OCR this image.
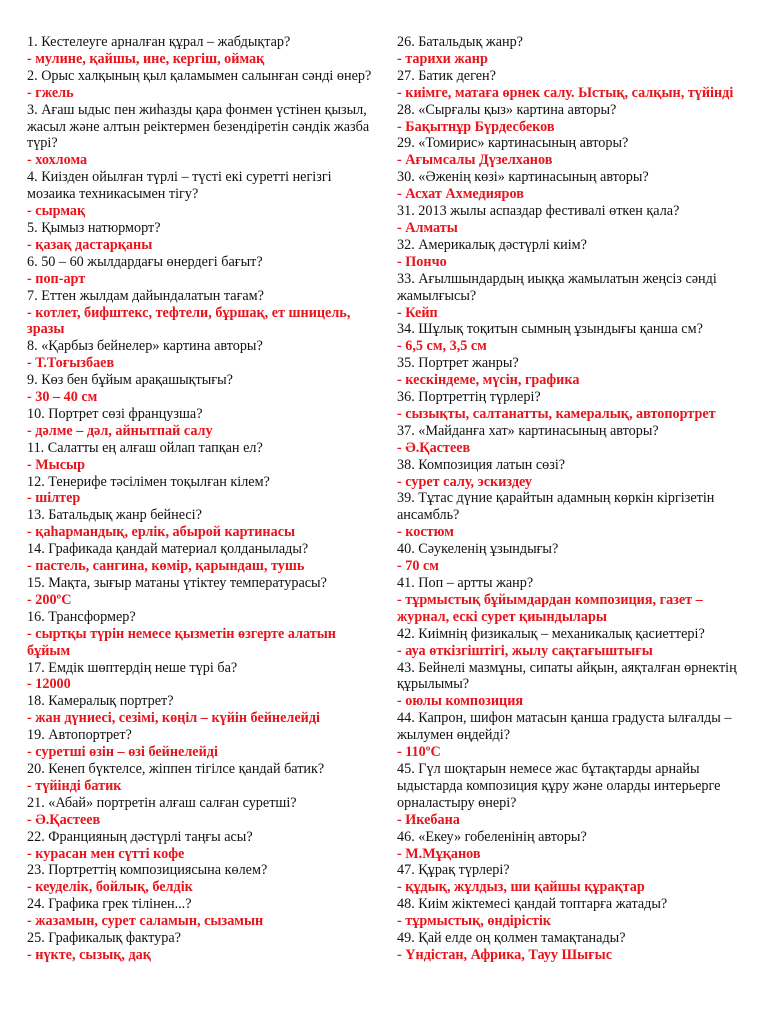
1. Кестелеуге арналған құрал – жабдықтар?
- мулине, қайшы, ине, кергіш, оймақ
2. Орыс халқының қыл қаламымен салынған сәнді өнер?
- гжель
3. Ағаш ыдыс пен жиһазды қара фонмен үстінен қызыл, жасыл және алтын реіктермен безендіретін сәндік жазба түрі?
- хохлома
4. Киізден ойылған түрлі – түсті екі суретті негізгі мозаика техникасымен тігу?
- сырмақ
5. Қымыз натюрморт?
- қазақ дастарқаны
6. 50 – 60 жылдардағы өнердегі бағыт?
- поп-арт
7. Еттен жылдам дайындалатын тағам?
- котлет, бифштекс, тефтели, бұршақ, ет шницель, зразы
8. «Қарбыз бейнелер» картина авторы?
- Т.Тоғызбаев
9. Көз бен бұйым арақашықтығы?
- 30 – 40 см
10. Портрет сөзі французша?
- дәлме – дәл, айнытпай салу
11. Салатты ең алғаш ойлап тапқан ел?
- Мысыр
12. Тенерифе тәсілімен тоқылған кілем?
- шілтер
13. Батальдық жанр бейнесі?
- қаһармандық, ерлік, абырой картинасы
14. Графикада қандай материал қолданылады?
- пастель, сангина, көмір, қарындаш, тушь
15. Мақта, зығыр матаны үтіктеу температурасы?
- 200ºС
16. Трансформер?
- сыртқы түрін немесе қызметін өзгерте алатын бұйым
17. Емдік шөптердің неше түрі ба?
- 12000
18. Камералық портрет?
- жан дүниесі, сезімі, көңіл – күйін бейнелейді
19. Автопортрет?
- суретші өзін – өзі бейнелейді
20. Кенеп бүктелсе, жіппен тігілсе қандай батик?
- түйінді батик
21. «Абай» портретін алғаш салған суретші?
- Ә.Қастеев
22. Францияның дәстүрлі таңғы асы?
- курасан мен сүтті кофе
23. Портреттің композициясына көлем?
- кеуделік, бойлық, белдік
24. Графика грек тілінен...?
- жазамын, сурет саламын, сызамын
25. Графикалық фактура?
- нүкте, сызық, дақ
26. Батальдық жанр?
- тарихи жанр
27. Батик деген?
- киімге, матаға өрнек салу. Ыстық, салқын, түйінді
28. «Сырғалы қыз» картина авторы?
- Бақытнұр Бүрдесбеков
29. «Томирис» картинасының авторы?
- Ағымсалы Дүзелханов
30. «Әженің көзі» картинасының авторы?
- Асхат Ахмедияров
31. 2013 жылы аспаздар фестивалі өткен қала?
- Алматы
32. Америкалық дәстүрлі киім?
- Пончо
33. Ағылшындардың иыққа жамылатын жеңсіз сәнді жамылғысы?
- Кейп
34. Шұлық тоқитын сымның ұзындығы қанша см?
- 6,5 см, 3,5 см
35. Портрет жанры?
- кескіндеме, мүсін, графика
36. Портреттің түрлері?
- сызықты, салтанатты, камералық, автопортрет
37. «Майданға хат» картинасының авторы?
- Ә.Қастеев
38. Композиция латын сөзі?
- сурет салу, эскиздеу
39. Тұтас дүние қарайтын адамның көркін кіргізетін ансамбль?
- костюм
40. Сәукеленің ұзындығы?
- 70 см
41. Поп – артты жанр?
- тұрмыстық бұйымдардан композиция, газет – журнал, ескі сурет қиындылары
42. Киімнің физикалық – механикалық қасиеттері?
- ауа өткізгіштігі, жылу сақтағыштығы
43. Бейнелі мазмұны, сипаты айқын, аяқталған өрнектің құрылымы?
- оюлы композиция
44. Капрон, шифон матасын қанша градуста ылғалды – жылумен өңдейді?
- 110ºС
45. Гүл шоқтарын немесе жас бұтақтарды арнайы ыдыстарда композиция құру және оларды интерьерге орналастыру өнері?
- Икебана
46. «Екеу» гобеленінің авторы?
- М.Мұқанов
47. Құрақ түрлері?
- құдық, жұлдыз, ши қайшы құрақтар
48. Киім жіктемесі қандай топтарға жатады?
- тұрмыстық, өндірістік
49. Қай елде оң қолмен тамақтанады?
- Үндістан, Африка, Тауу Шығыс
